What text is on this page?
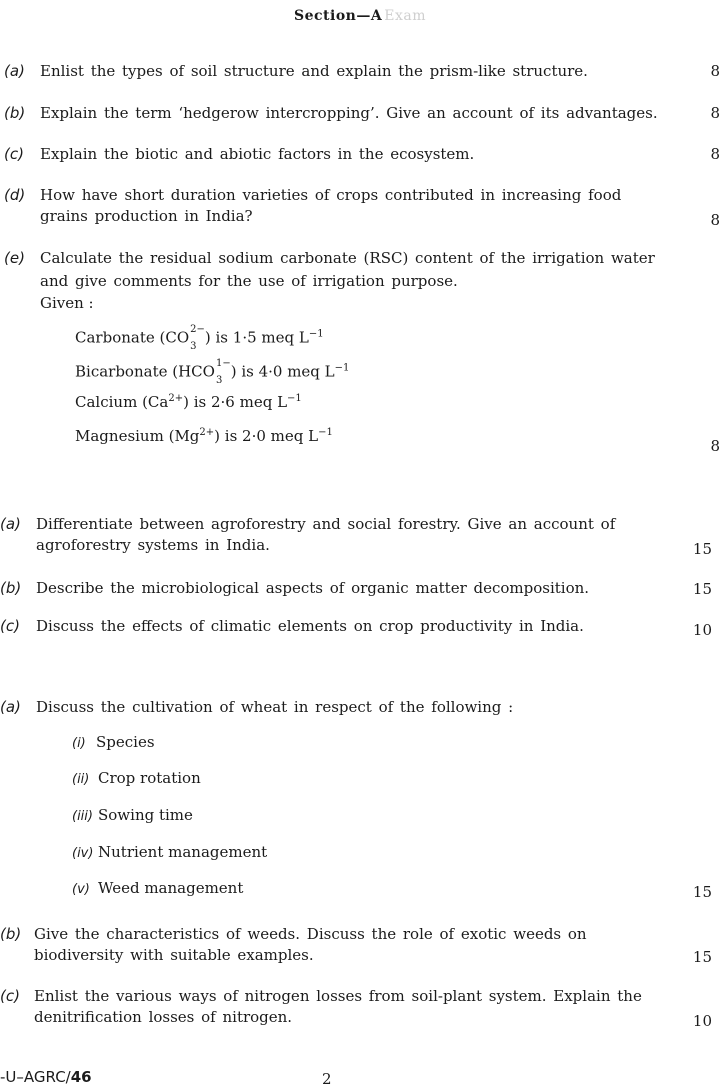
Section—A Exam
(a) Enlist the types of soil structure and explain the prism-like structure.	8
(b) Explain the term ‘hedgerow intercropping’. Give an account of its advantages.	8
(c) Explain the biotic and abiotic factors in the ecosystem.	8
(d) How have short duration varieties of crops contributed in increasing food
grains production in India?	8
(e) Calculate the residual sodium carbonate (RSC) content of the irrigation water
and give comments for the use of irrigation purpose.
Given :
Carbonate ($CO^{2-}$
$_3$) is 1·5 meq $L^{-1}$
Bicarbonate ($HCO^{1-}$
$_3$) is 4·0 meq $L^{-1}$
Calcium $(Ca^{2+})$ is 2·6 meq $L^{-1}$
Magnesium $(Mg^{2+})$ is 2·0 meq $L^{-1}$
8
(a) Differentiate between agroforestry and social forestry. Give an account of
agroforestry systems in India.	15
(b) Describe the microbiological aspects of organic matter decomposition.	15
(c) Discuss the effects of climatic elements on crop productivity in India.	10
(a) Discuss the cultivation of wheat in respect of the following :
(i) Species
(ii) Crop rotation
(iii) Sowing time
(iv) Nutrient management
(v) Weed management	15
(b) Give the characteristics of weeds. Discuss the role of exotic weeds on
biodiversity with suitable examples.	15
(c) Enlist the various ways of nitrogen losses from soil-plant system. Explain the
denitrification losses of nitrogen.	10
-U–AGRC/46	2
